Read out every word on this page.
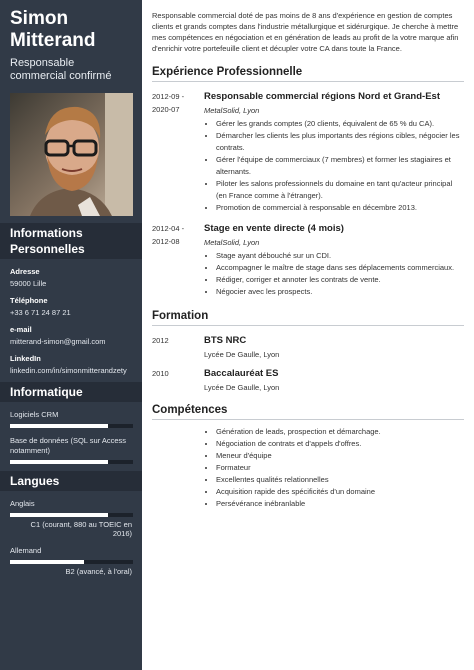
Simon Mitterand
Responsable commercial confirmé
Informations Personnelles
Adresse
59000 Lille
Téléphone
+33 6 71 24 87 21
e-mail
mitterand-simon@gmail.com
LinkedIn
linkedin.com/in/simonmitterandzety
Informatique
Logiciels CRM
Base de données (SQL sur Access notamment)
Langues
Anglais
C1 (courant, 880 au TOEIC en 2016)
Allemand
B2 (avancé, à l'oral)
Responsable commercial doté de pas moins de 8 ans d'expérience en gestion de comptes clients et grands comptes dans l'industrie métallurgique et sidérurgique. Je cherche à mettre mes compétences en négociation et en génération de leads au profit de la votre marque afin d'enrichir votre portefeuille client et décupler votre CA dans toute la France.
Expérience Professionnelle
2012-09 -
2020-07
Responsable commercial régions Nord et Grand-Est
MetalSolid, Lyon
• Gérer les grands comptes (20 clients, équivalent de 65 % du CA).
• Démarcher les clients les plus importants des régions cibles, négocier les contrats.
• Gérer l'équipe de commerciaux (7 membres) et former les stagiaires et alternants.
• Piloter les salons professionnels du domaine en tant qu'acteur principal (en France comme à l'étranger).
• Promotion de commercial à responsable en décembre 2013.
2012-04 -
2012-08
Stage en vente directe (4 mois)
MetalSolid, Lyon
• Stage ayant débouché sur un CDI.
• Accompagner le maître de stage dans ses déplacements commerciaux.
• Rédiger, corriger et annoter les contrats de vente.
• Négocier avec les prospects.
Formation
2012	BTS NRC
Lycée De Gaulle, Lyon
2010	Baccalauréat ES
Lycée De Gaulle, Lyon
Compétences
• Génération de leads, prospection et démarchage.
• Négociation de contrats et d'appels d'offres.
• Meneur d'équipe
• Formateur
• Excellentes qualités relationnelles
• Acquisition rapide des spécificités d'un domaine
• Persévérance inébranlable
